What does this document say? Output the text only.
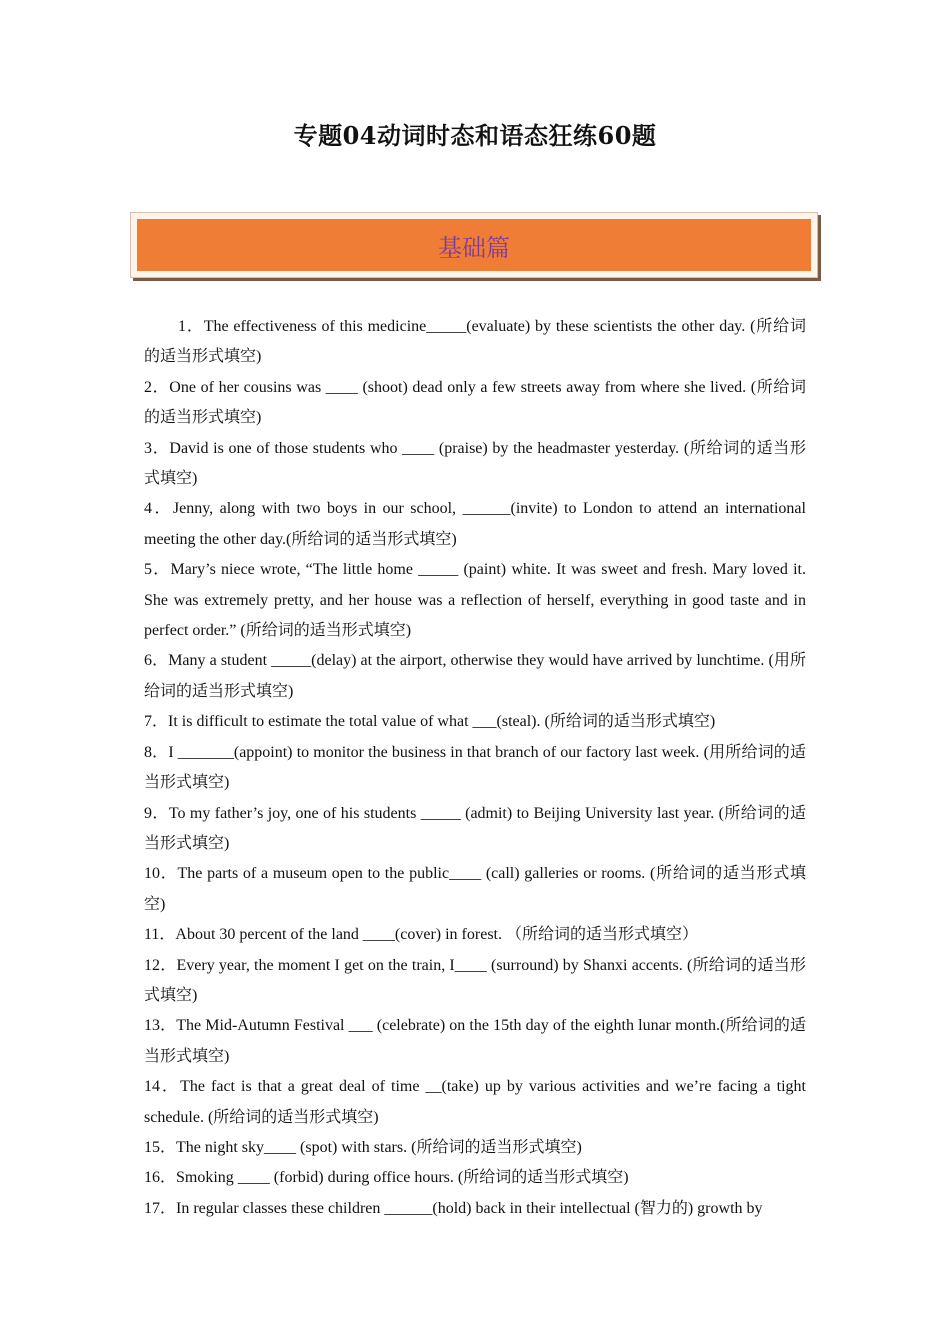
专题04动词时态和语态狂练60题
基础篇

1．The effectiveness of this medicine_____(evaluate) by these scientists the other day. (所给词的适当形式填空)

2．One of her cousins was ____ (shoot) dead only a few streets away from where she lived. (所给词的适当形式填空)

3．David is one of those students who ____ (praise) by the headmaster yesterday. (所给词的适当形式填空)

4．Jenny, along with two boys in our school, ______(invite) to London to attend an international meeting the other day.(所给词的适当形式填空)

5．Mary’s niece wrote, “The little home _____ (paint) white. It was sweet and fresh. Mary loved it. She was extremely pretty, and her house was a reflection of herself, everything in good taste and in perfect order.” (所给词的适当形式填空)

6．Many a student _____(delay) at the airport, otherwise they would have arrived by lunchtime. (用所给词的适当形式填空)

7．It is difficult to estimate the total value of what ___(steal). (所给词的适当形式填空)

8．I _______(appoint) to monitor the business in that branch of our factory last week. (用所给词的适当形式填空)

9．To my father’s joy, one of his students _____ (admit) to Beijing University last year. (所给词的适当形式填空)

10．The parts of a museum open to the public____ (call) galleries or rooms. (所给词的适当形式填空)

11．About 30 percent of the land ____(cover) in forest. （所给词的适当形式填空）

12．Every year, the moment I get on the train, I____ (surround) by Shanxi accents. (所给词的适当形式填空)

13．The Mid-Autumn Festival ___ (celebrate) on the 15th day of the eighth lunar month.(所给词的适当形式填空)

14．The fact is that a great deal of time __(take) up by various activities and we’re facing a tight schedule. (所给词的适当形式填空)

15．The night sky____ (spot) with stars. (所给词的适当形式填空)

16．Smoking ____ (forbid) during office hours. (所给词的适当形式填空)

17．In regular classes these children ______(hold) back in their intellectual (智力的) growth by
